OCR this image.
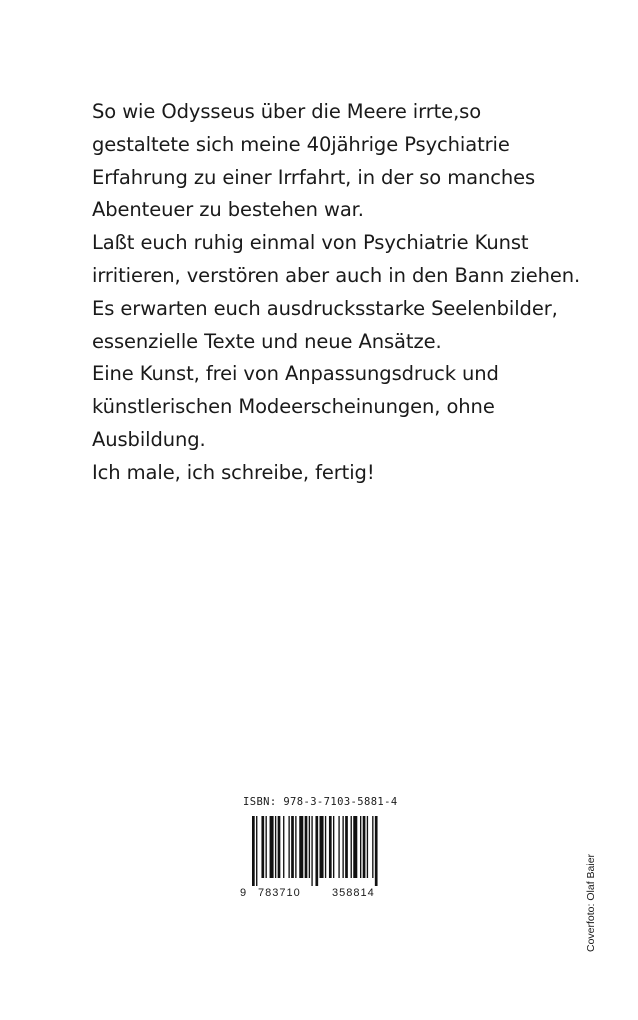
So wie Odysseus über die Meere irrte,so
gestaltete sich meine 40jährige Psychiatrie
Erfahrung zu einer Irrfahrt, in der so manches
Abenteuer zu bestehen war.
Laßt euch ruhig einmal von Psychiatrie Kunst
irritieren, verstören aber auch in den Bann ziehen.
Es erwarten euch ausdrucksstarke Seelenbilder,
essenzielle Texte und neue Ansätze.
Eine Kunst, frei von Anpassungsdruck und
künstlerischen Modeerscheinungen, ohne
Ausbildung.
Ich male, ich schreibe, fertig!
ISBN: 978-3-7103-5881-4
9 783710	358814	Coverfoto: Olaf Baier
